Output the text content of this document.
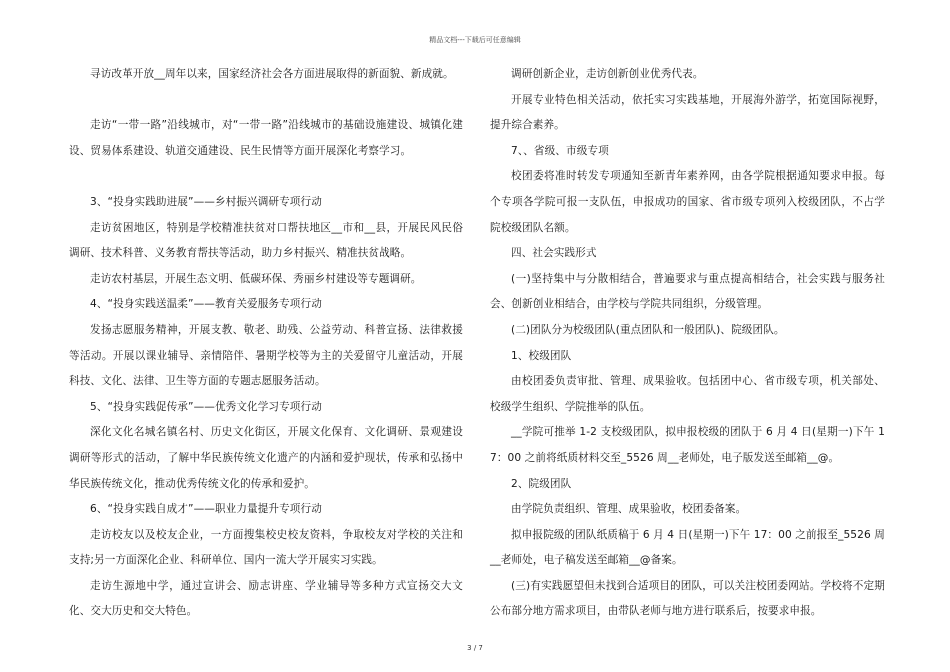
精品文档---下载后可任意编辑

寻访改革开放__周年以来，国家经济社会各方面进展取得的新面貌、新成就。

走访“一带一路”沿线城市，对“一带一路”沿线城市的基础设施建设、城镇化建设、贸易体系建设、轨道交通建设、民生民情等方面开展深化考察学习。

3、“投身实践助进展”——乡村振兴调研专项行动

走访贫困地区，特别是学校精准扶贫对口帮扶地区__市和__县，开展民风民俗调研、技术科普、义务教育帮扶等活动，助力乡村振兴、精准扶贫战略。

走访农村基层，开展生态文明、低碳环保、秀丽乡村建设等专题调研。

4、“投身实践送温柔”——教育关爱服务专项行动

发扬志愿服务精神，开展支教、敬老、助残、公益劳动、科普宣扬、法律救援等活动。开展以课业辅导、亲情陪伴、暑期学校等为主的关爱留守儿童活动，开展科技、文化、法律、卫生等方面的专题志愿服务活动。

5、“投身实践促传承”——优秀文化学习专项行动

深化文化名城名镇名村、历史文化街区，开展文化保育、文化调研、景观建设调研等形式的活动，了解中华民族传统文化遗产的内涵和爱护现状，传承和弘扬中华民族传统文化，推动优秀传统文化的传承和爱护。

6、“投身实践自成才”——职业力量提升专项行动

走访校友以及校友企业，一方面搜集校史校友资料，争取校友对学校的关注和支持;另一方面深化企业、科研单位、国内一流大学开展实习实践。

走访生源地中学，通过宣讲会、励志讲座、学业辅导等多种方式宣扬交大文化、交大历史和交大特色。

调研创新企业，走访创新创业优秀代表。

开展专业特色相关活动，依托实习实践基地，开展海外游学，拓宽国际视野，提升综合素养。

7、、省级、市级专项

校团委将准时转发专项通知至新青年素养网，由各学院根据通知要求申报。每个专项各学院可报一支队伍，申报成功的国家、省市级专项列入校级团队，不占学院校级团队名额。

四、社会实践形式

(一)坚持集中与分散相结合，普遍要求与重点提高相结合，社会实践与服务社会、创新创业相结合，由学校与学院共同组织，分级管理。

(二)团队分为校级团队(重点团队和一般团队)、院级团队。

1、校级团队

由校团委负责审批、管理、成果验收。包括团中心、省市级专项，机关部处、校级学生组织、学院推举的队伍。

__学院可推举 1-2 支校级团队，拟申报校级的团队于 6 月 4 日(星期一)下午 17：00 之前将纸质材料交至_5526 周__老师处，电子版发送至邮箱__@。

2、院级团队

由学院负责组织、管理、成果验收，校团委备案。

拟申报院级的团队纸质稿于 6 月 4 日(星期一)下午 17：00 之前报至_5526 周__老师处，电子稿发送至邮箱__@备案。

(三)有实践愿望但未找到合适项目的团队，可以关注校团委网站。学校将不定期公布部分地方需求项目，由带队老师与地方进行联系后，按要求申报。

3 / 7
